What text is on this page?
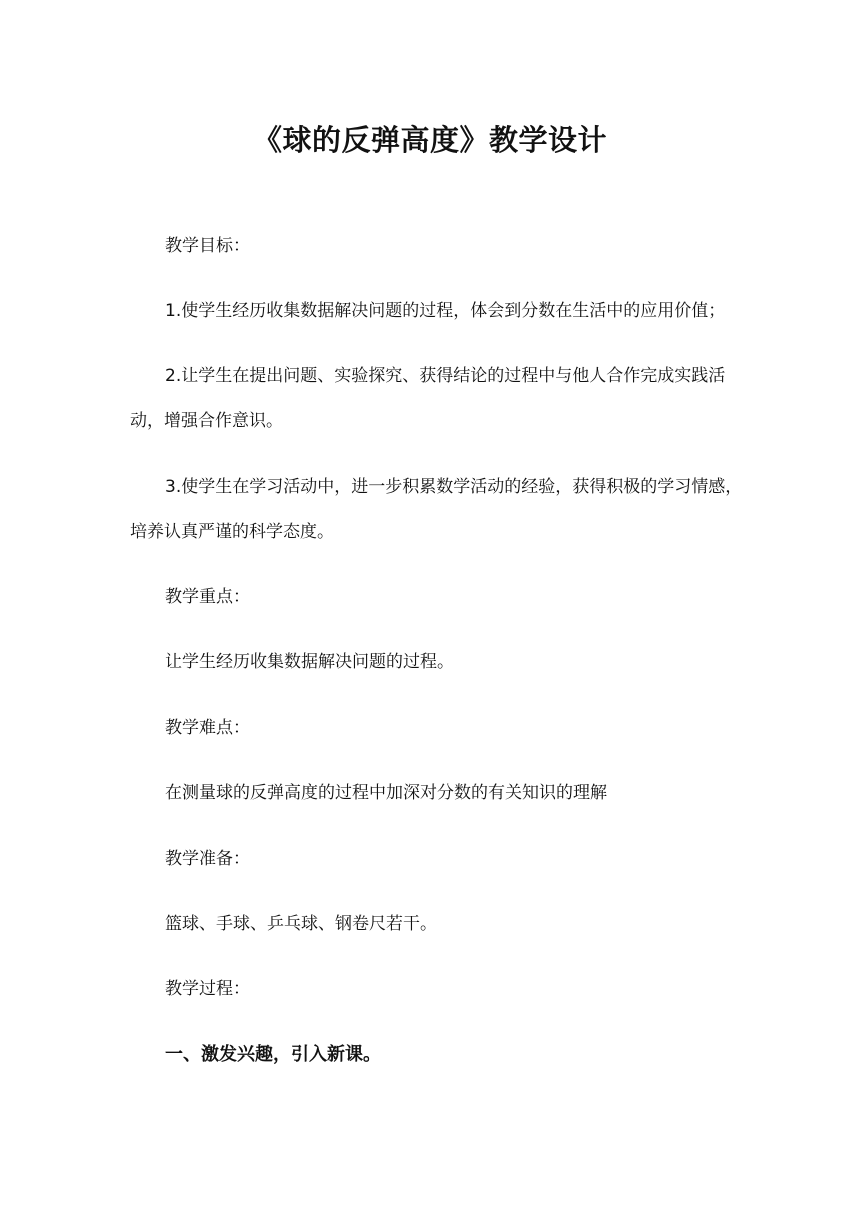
《球的反弹高度》教学设计
教学目标：
1.使学生经历收集数据解决问题的过程，体会到分数在生活中的应用价值；
2.让学生在提出问题、实验探究、获得结论的过程中与他人合作完成实践活
动，增强合作意识。
3.使学生在学习活动中，进一步积累数学活动的经验，获得积极的学习情感，
培养认真严谨的科学态度。
教学重点：
让学生经历收集数据解决问题的过程。
教学难点：
在测量球的反弹高度的过程中加深对分数的有关知识的理解
教学准备：
篮球、手球、乒乓球、钢卷尺若干。
教学过程：
一、激发兴趣，引入新课。
